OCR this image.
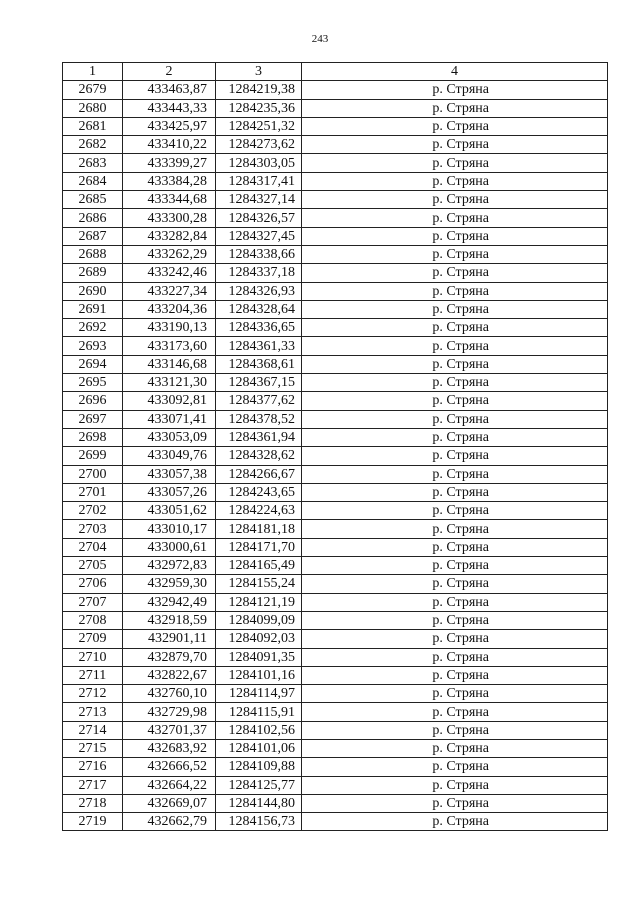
243
1	2	3	4
2679	433463,87	1284219,38	р. Стряна
2680	433443,33	1284235,36	р. Стряна
2681	433425,97	1284251,32	р. Стряна
2682	433410,22	1284273,62	р. Стряна
2683	433399,27	1284303,05	р. Стряна
2684	433384,28	1284317,41	р. Стряна
2685	433344,68	1284327,14	р. Стряна
2686	433300,28	1284326,57	р. Стряна
2687	433282,84	1284327,45	р. Стряна
2688	433262,29	1284338,66	р. Стряна
2689	433242,46	1284337,18	р. Стряна
2690	433227,34	1284326,93	р. Стряна
2691	433204,36	1284328,64	р. Стряна
2692	433190,13	1284336,65	р. Стряна
2693	433173,60	1284361,33	р. Стряна
2694	433146,68	1284368,61	р. Стряна
2695	433121,30	1284367,15	р. Стряна
2696	433092,81	1284377,62	р. Стряна
2697	433071,41	1284378,52	р. Стряна
2698	433053,09	1284361,94	р. Стряна
2699	433049,76	1284328,62	р. Стряна
2700	433057,38	1284266,67	р. Стряна
2701	433057,26	1284243,65	р. Стряна
2702	433051,62	1284224,63	р. Стряна
2703	433010,17	1284181,18	р. Стряна
2704	433000,61	1284171,70	р. Стряна
2705	432972,83	1284165,49	р. Стряна
2706	432959,30	1284155,24	р. Стряна
2707	432942,49	1284121,19	р. Стряна
2708	432918,59	1284099,09	р. Стряна
2709	432901,11	1284092,03	р. Стряна
2710	432879,70	1284091,35	р. Стряна
2711	432822,67	1284101,16	р. Стряна
2712	432760,10	1284114,97	р. Стряна
2713	432729,98	1284115,91	р. Стряна
2714	432701,37	1284102,56	р. Стряна
2715	432683,92	1284101,06	р. Стряна
2716	432666,52	1284109,88	р. Стряна
2717	432664,22	1284125,77	р. Стряна
2718	432669,07	1284144,80	р. Стряна
2719	432662,79	1284156,73	р. Стряна
